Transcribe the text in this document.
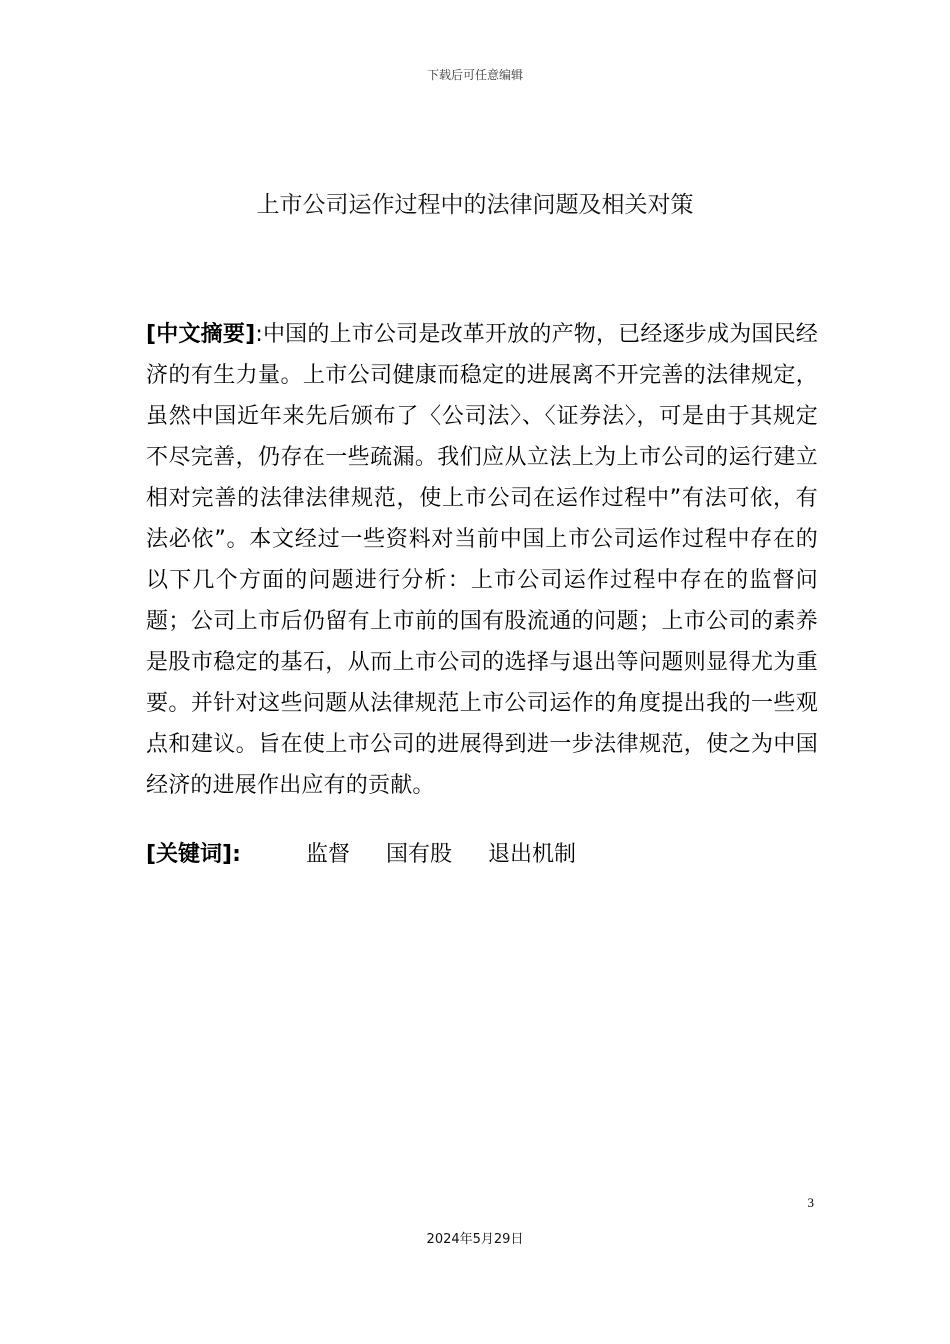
下载后可任意编辑
上市公司运作过程中的法律问题及相关对策
[中文摘要]:中国的上市公司是改革开放的产物，已经逐步成为国民经济的有生力量。上市公司健康而稳定的进展离不开完善的法律规定，虽然中国近年来先后颁布了〈公司法〉、〈证券法〉，可是由于其规定不尽完善，仍存在一些疏漏。我们应从立法上为上市公司的运行建立相对完善的法律法律规范，使上市公司在运作过程中”有法可依，有法必依”。本文经过一些资料对当前中国上市公司运作过程中存在的以下几个方面的问题进行分析：上市公司运作过程中存在的监督问题；公司上市后仍留有上市前的国有股流通的问题；上市公司的素养是股市稳定的基石，从而上市公司的选择与退出等问题则显得尤为重要。并针对这些问题从法律规范上市公司运作的角度提出我的一些观点和建议。旨在使上市公司的进展得到进一步法律规范，使之为中国经济的进展作出应有的贡献。
[关键词]:	监督 国有股 退出机制
3
2024年5月29日
